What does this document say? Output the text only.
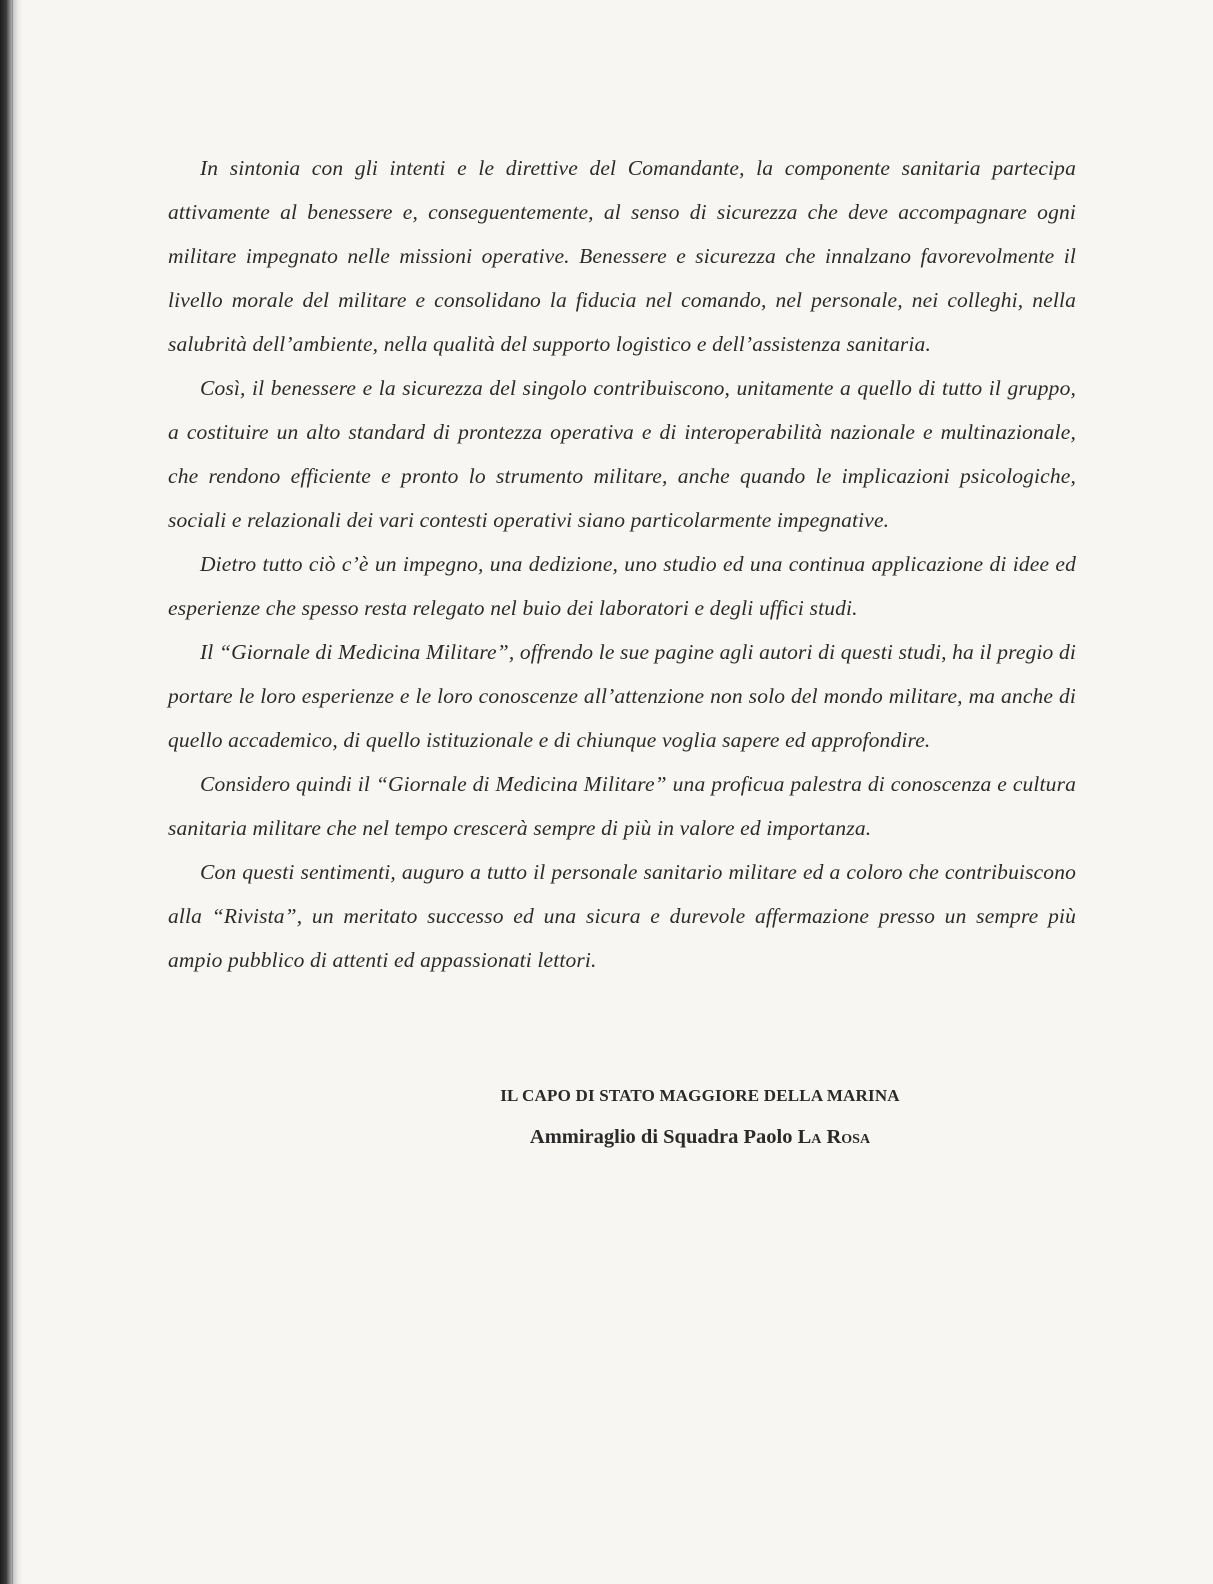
In sintonia con gli intenti e le direttive del Comandante, la componente sanitaria partecipa attivamente al benessere e, conseguentemente, al senso di sicurezza che deve accompagnare ogni militare impegnato nelle missioni operative. Benessere e sicurezza che innalzano favorevolmente il livello morale del militare e consolidano la fiducia nel comando, nel personale, nei colleghi, nella salubrità dell’ambiente, nella qualità del supporto logistico e dell’assistenza sanitaria.

Così, il benessere e la sicurezza del singolo contribuiscono, unitamente a quello di tutto il gruppo, a costituire un alto standard di prontezza operativa e di interoperabilità nazionale e multinazionale, che rendono efficiente e pronto lo strumento militare, anche quando le implicazioni psicologiche, sociali e relazionali dei vari contesti operativi siano particolarmente impegnative.

Dietro tutto ciò c’è un impegno, una dedizione, uno studio ed una continua applicazione di idee ed esperienze che spesso resta relegato nel buio dei laboratori e degli uffici studi.

Il “Giornale di Medicina Militare”, offrendo le sue pagine agli autori di questi studi, ha il pregio di portare le loro esperienze e le loro conoscenze all’attenzione non solo del mondo militare, ma anche di quello accademico, di quello istituzionale e di chiunque voglia sapere ed approfondire.

Considero quindi il “Giornale di Medicina Militare” una proficua palestra di conoscenza e cultura sanitaria militare che nel tempo crescerà sempre di più in valore ed importanza.

Con questi sentimenti, auguro a tutto il personale sanitario militare ed a coloro che contribuiscono alla “Rivista”, un meritato successo ed una sicura e durevole affermazione presso un sempre più ampio pubblico di attenti ed appassionati lettori.

IL CAPO DI STATO MAGGIORE DELLA MARINA
Ammiraglio di Squadra Paolo La Rosa
